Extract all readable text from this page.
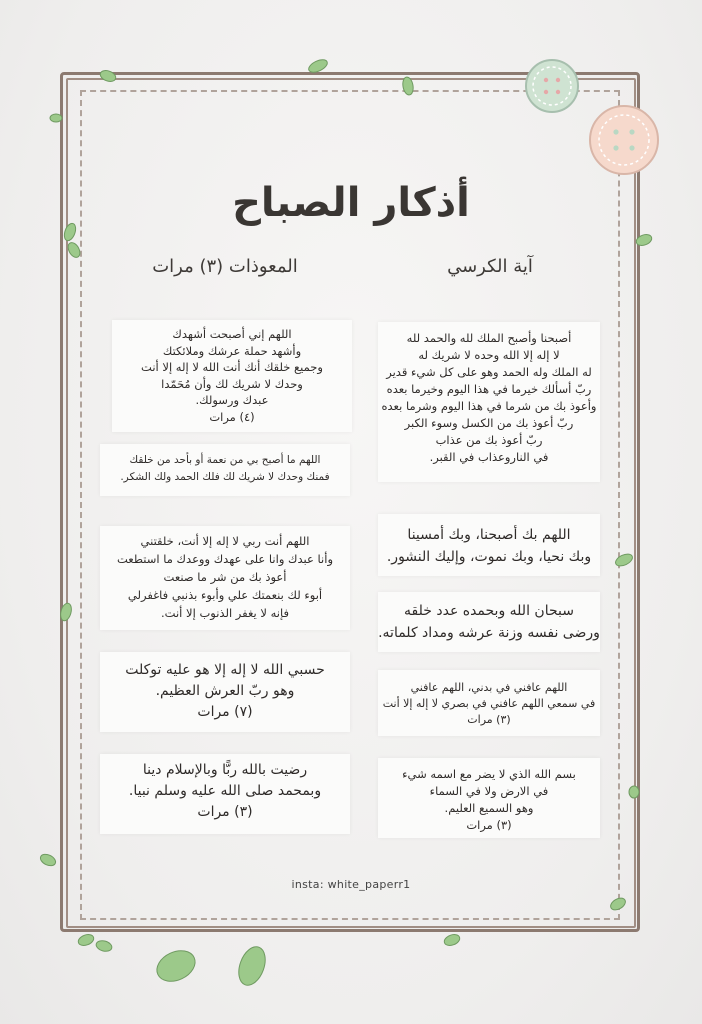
أذكار الصباح
آية الكرسي
المعوذات (٣) مرات
أصبحنا وأصبح الملك لله والحمد لله
لا إله إلا الله وحده لا شريك له
له الملك وله الحمد وهو على كل شيء قدير
ربّ أسألك خيرما في هذا اليوم وخيرما بعده
وأعوذ بك من شرما في هذا اليوم وشرما بعده
ربّ أعوذ بك من الكسل وسوء الكبر
ربّ أعوذ بك من عذاب
في الناروعذاب في القبر.
اللهم بك أصبحنا، وبك أمسينا
وبك نحيا، وبك نموت، وإليك النشور.
سبحان الله وبحمده عدد خلقه
ورضى نفسه وزنة عرشه ومداد كلماته.
اللهم عافني في بدني، اللهم عافني
في سمعي اللهم عافني في بصري لا إله إلا أنت
(٣) مرات
بسم الله الذي لا يضر مع اسمه شيء
في الارض ولا في السماء
وهو السميع العليم.
(٣) مرات
اللهم إني أصبحت أشهدك
وأشهد حملة عرشك وملائكتك
وجميع خلقك أنك أنت الله لا إله إلا أنت
وحدك لا شريك لك وأن مُحَمّدا
عبدك ورسولك.
(٤) مرات
اللهم ما أصبح بي من نعمة أو بأحد من خلقك
فمنك وحدك لا شريك لك فلك الحمد ولك الشكر.
اللهم أنت ربي لا إله إلا أنت، خلقتني
وأنا عبدك وانا على عهدك ووعدك ما استطعت
أعوذ بك من شر ما صنعت
أبوء لك بنعمتك علي وأبوء بذنبي فاغفرلي
فإنه لا يغفر الذنوب إلا أنت.
حسبي الله لا إله إلا هو عليه توكلت
وهو ربّ العرش العظيم.
(٧) مرات
رضيت بالله ربًّا وبالإسلام دينا
وبمحمد صلى الله عليه وسلم نبيا.
(٣) مرات
insta: white_paperr1
